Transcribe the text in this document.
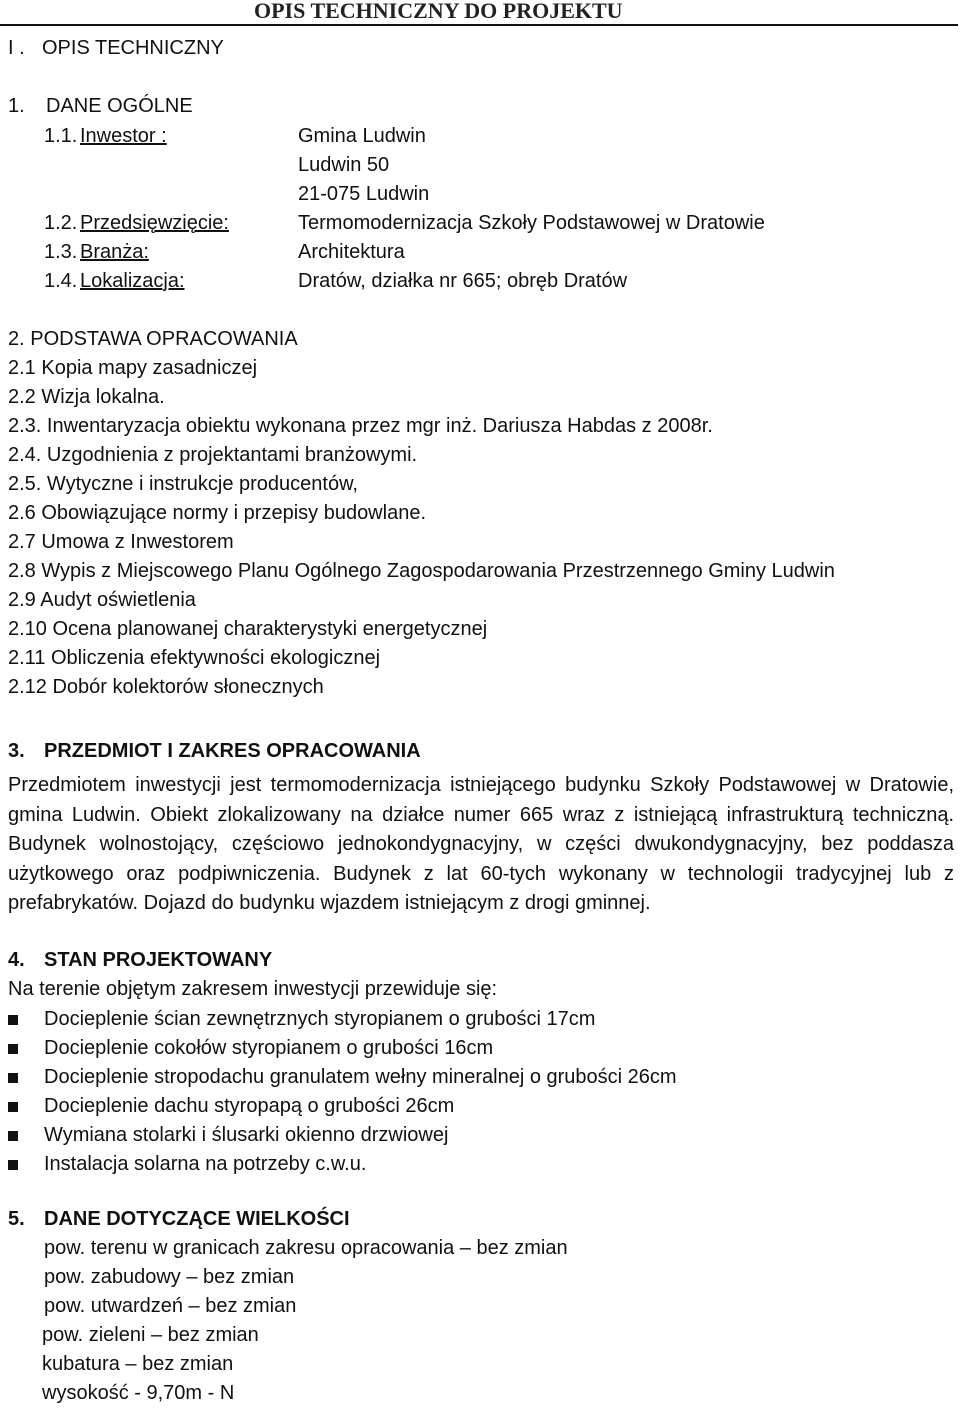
OPIS TECHNICZNY DO PROJEKTU
I . OPIS TECHNICZNY
1. DANE OGÓLNE
1.1. Inwestor :	Gmina Ludwin
Ludwin 50
21-075 Ludwin
1.2. Przedsięwzięcie:	Termomodernizacja Szkoły Podstawowej w Dratowie
1.3. Branża:	Architektura
1.4. Lokalizacja:	Dratów, działka nr 665; obręb Dratów
2. PODSTAWA OPRACOWANIA
2.1 Kopia mapy zasadniczej
2.2 Wizja lokalna.
2.3. Inwentaryzacja obiektu wykonana przez mgr inż. Dariusza Habdas z 2008r.
2.4. Uzgodnienia z projektantami branżowymi.
2.5. Wytyczne i instrukcje producentów,
2.6 Obowiązujące normy i przepisy budowlane.
2.7 Umowa z Inwestorem
2.8 Wypis z Miejscowego Planu Ogólnego Zagospodarowania Przestrzennego Gminy Ludwin
2.9 Audyt oświetlenia
2.10 Ocena planowanej charakterystyki energetycznej
2.11 Obliczenia efektywności ekologicznej
2.12 Dobór kolektorów słonecznych
3. PRZEDMIOT I ZAKRES OPRACOWANIA
Przedmiotem inwestycji jest termomodernizacja istniejącego budynku Szkoły Podstawowej w Dratowie, gmina Ludwin. Obiekt zlokalizowany na działce numer 665 wraz z istniejącą infrastrukturą techniczną. Budynek wolnostojący, częściowo jednokondygnacyjny, w części dwukondygnacyjny, bez poddasza użytkowego oraz podpiwniczenia. Budynek z lat 60-tych wykonany w technologii tradycyjnej lub z prefabrykatów. Dojazd do budynku wjazdem istniejącym z drogi gminnej.
4. STAN PROJEKTOWANY
Na terenie objętym zakresem inwestycji przewiduje się:
Docieplenie ścian zewnętrznych styropianem o grubości 17cm
Docieplenie cokołów styropianem o grubości 16cm
Docieplenie stropodachu granulatem wełny mineralnej o grubości 26cm
Docieplenie dachu styropapą o grubości 26cm
Wymiana stolarki i ślusarki okienno drzwiowej
Instalacja solarna na potrzeby c.w.u.
5. DANE DOTYCZĄCE WIELKOŚCI
pow. terenu w granicach zakresu opracowania – bez zmian
pow. zabudowy – bez zmian
pow. utwardzeń – bez zmian
pow. zieleni – bez zmian
kubatura – bez zmian
wysokość - 9,70m - N
